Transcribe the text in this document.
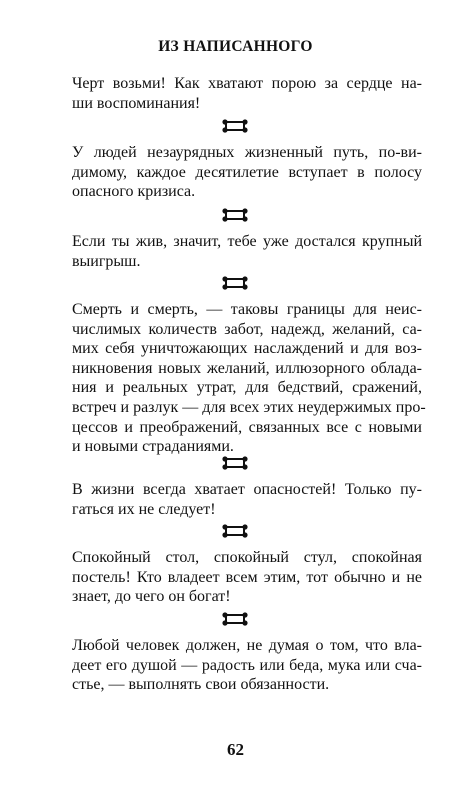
ИЗ НАПИСАННОГО
Черт возьми! Как хватают порою за сердце на-
ши воспоминания!
У людей незаурядных жизненный путь, по-ви-
димому, каждое десятилетие вступает в полосу
опасного кризиса.
Если ты жив, значит, тебе уже достался крупный
выигрыш.
Смерть и смерть, — таковы границы для неис-
числимых количеств забот, надежд, желаний, са-
мих себя уничтожающих наслаждений и для воз-
никновения новых желаний, иллюзорного облада-
ния и реальных утрат, для бедствий, сражений,
встреч и разлук — для всех этих неудержимых про-
цессов и преображений, связанных все с новыми
и новыми страданиями.
В жизни всегда хватает опасностей! Только пу-
гаться их не следует!
Спокойный стол, спокойный стул, спокойная
постель! Кто владеет всем этим, тот обычно и не
знает, до чего он богат!
Любой человек должен, не думая о том, что вла-
деет его душой — радость или беда, мука или сча-
стье, — выполнять свои обязанности.
62
